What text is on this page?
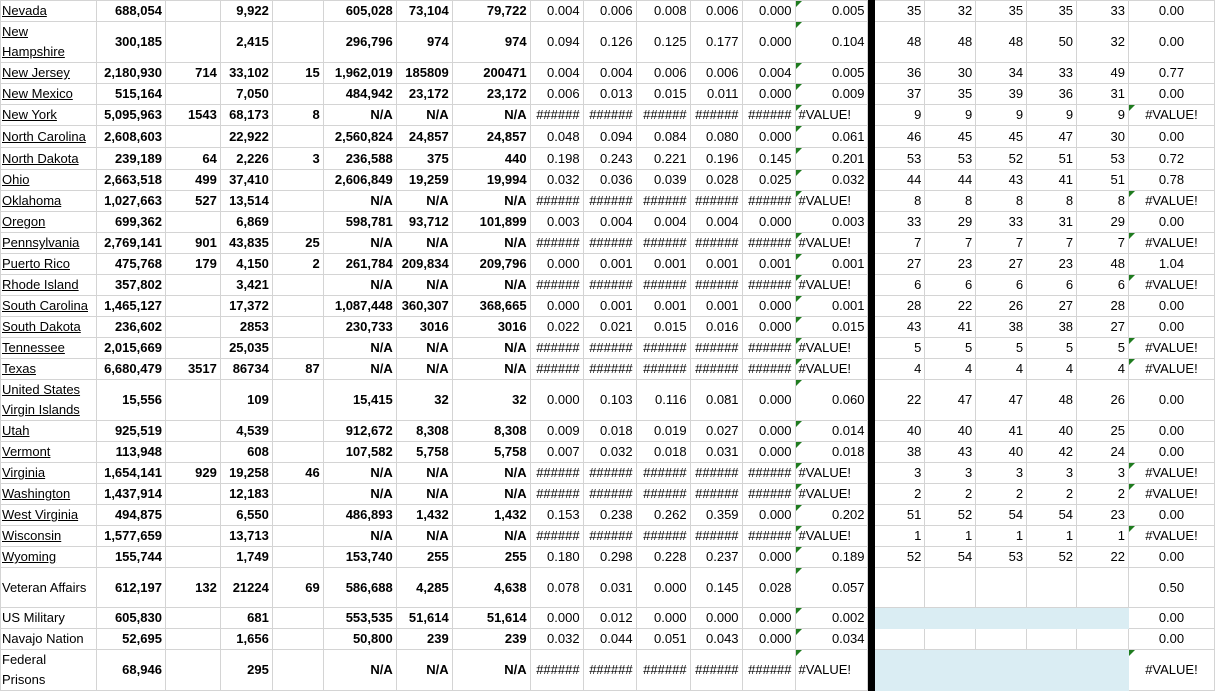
Nevada	688,054		9,922		605,028	73,104	79,722	0.004	0.006	0.008	0.006	0.000	0.005		35	32	35	35	33	0.00
New Hampshire	300,185		2,415		296,796	974	974	0.094	0.126	0.125	0.177	0.000	0.104		48	48	48	50	32	0.00
New Jersey	2,180,930	714	33,102	15	1,962,019	185809	200471	0.004	0.004	0.006	0.006	0.004	0.005		36	30	34	33	49	0.77
New Mexico	515,164		7,050		484,942	23,172	23,172	0.006	0.013	0.015	0.011	0.000	0.009		37	35	39	36	31	0.00
New York	5,095,963	1543	68,173	8	N/A	N/A	N/A	######	######	######	######	######	#VALUE!		9	9	9	9	9	#VALUE!
North Carolina	2,608,603		22,922		2,560,824	24,857	24,857	0.048	0.094	0.084	0.080	0.000	0.061		46	45	45	47	30	0.00
North Dakota	239,189	64	2,226	3	236,588	375	440	0.198	0.243	0.221	0.196	0.145	0.201		53	53	52	51	53	0.72
Ohio	2,663,518	499	37,410		2,606,849	19,259	19,994	0.032	0.036	0.039	0.028	0.025	0.032		44	44	43	41	51	0.78
Oklahoma	1,027,663	527	13,514		N/A	N/A	N/A	######	######	######	######	######	#VALUE!		8	8	8	8	8	#VALUE!
Oregon	699,362		6,869		598,781	93,712	101,899	0.003	0.004	0.004	0.004	0.000	0.003		33	29	33	31	29	0.00
Pennsylvania	2,769,141	901	43,835	25	N/A	N/A	N/A	######	######	######	######	######	#VALUE!		7	7	7	7	7	#VALUE!
Puerto Rico	475,768	179	4,150	2	261,784	209,834	209,796	0.000	0.001	0.001	0.001	0.001	0.001		27	23	27	23	48	1.04
Rhode Island	357,802		3,421		N/A	N/A	N/A	######	######	######	######	######	#VALUE!		6	6	6	6	6	#VALUE!
South Carolina	1,465,127		17,372		1,087,448	360,307	368,665	0.000	0.001	0.001	0.001	0.000	0.001		28	22	26	27	28	0.00
South Dakota	236,602		2853		230,733	3016	3016	0.022	0.021	0.015	0.016	0.000	0.015		43	41	38	38	27	0.00
Tennessee	2,015,669		25,035		N/A	N/A	N/A	######	######	######	######	######	#VALUE!		5	5	5	5	5	#VALUE!
Texas	6,680,479	3517	86734	87	N/A	N/A	N/A	######	######	######	######	######	#VALUE!		4	4	4	4	4	#VALUE!
United States Virgin Islands	15,556		109		15,415	32	32	0.000	0.103	0.116	0.081	0.000	0.060		22	47	47	48	26	0.00
Utah	925,519		4,539		912,672	8,308	8,308	0.009	0.018	0.019	0.027	0.000	0.014		40	40	41	40	25	0.00
Vermont	113,948		608		107,582	5,758	5,758	0.007	0.032	0.018	0.031	0.000	0.018		38	43	40	42	24	0.00
Virginia	1,654,141	929	19,258	46	N/A	N/A	N/A	######	######	######	######	######	#VALUE!		3	3	3	3	3	#VALUE!
Washington	1,437,914		12,183		N/A	N/A	N/A	######	######	######	######	######	#VALUE!		2	2	2	2	2	#VALUE!
West Virginia	494,875		6,550		486,893	1,432	1,432	0.153	0.238	0.262	0.359	0.000	0.202		51	52	54	54	23	0.00
Wisconsin	1,577,659		13,713		N/A	N/A	N/A	######	######	######	######	######	#VALUE!		1	1	1	1	1	#VALUE!
Wyoming	155,744		1,749		153,740	255	255	0.180	0.298	0.228	0.237	0.000	0.189		52	54	53	52	22	0.00
Veteran Affairs	612,197	132	21224	69	586,688	4,285	4,638	0.078	0.031	0.000	0.145	0.028	0.057							0.50
US Military	605,830		681		553,535	51,614	51,614	0.000	0.012	0.000	0.000	0.000	0.002							0.00
Navajo Nation	52,695		1,656		50,800	239	239	0.032	0.044	0.051	0.043	0.000	0.034							0.00
Federal Prisons	68,946		295		N/A	N/A	N/A	######	######	######	######	######	#VALUE!							#VALUE!
